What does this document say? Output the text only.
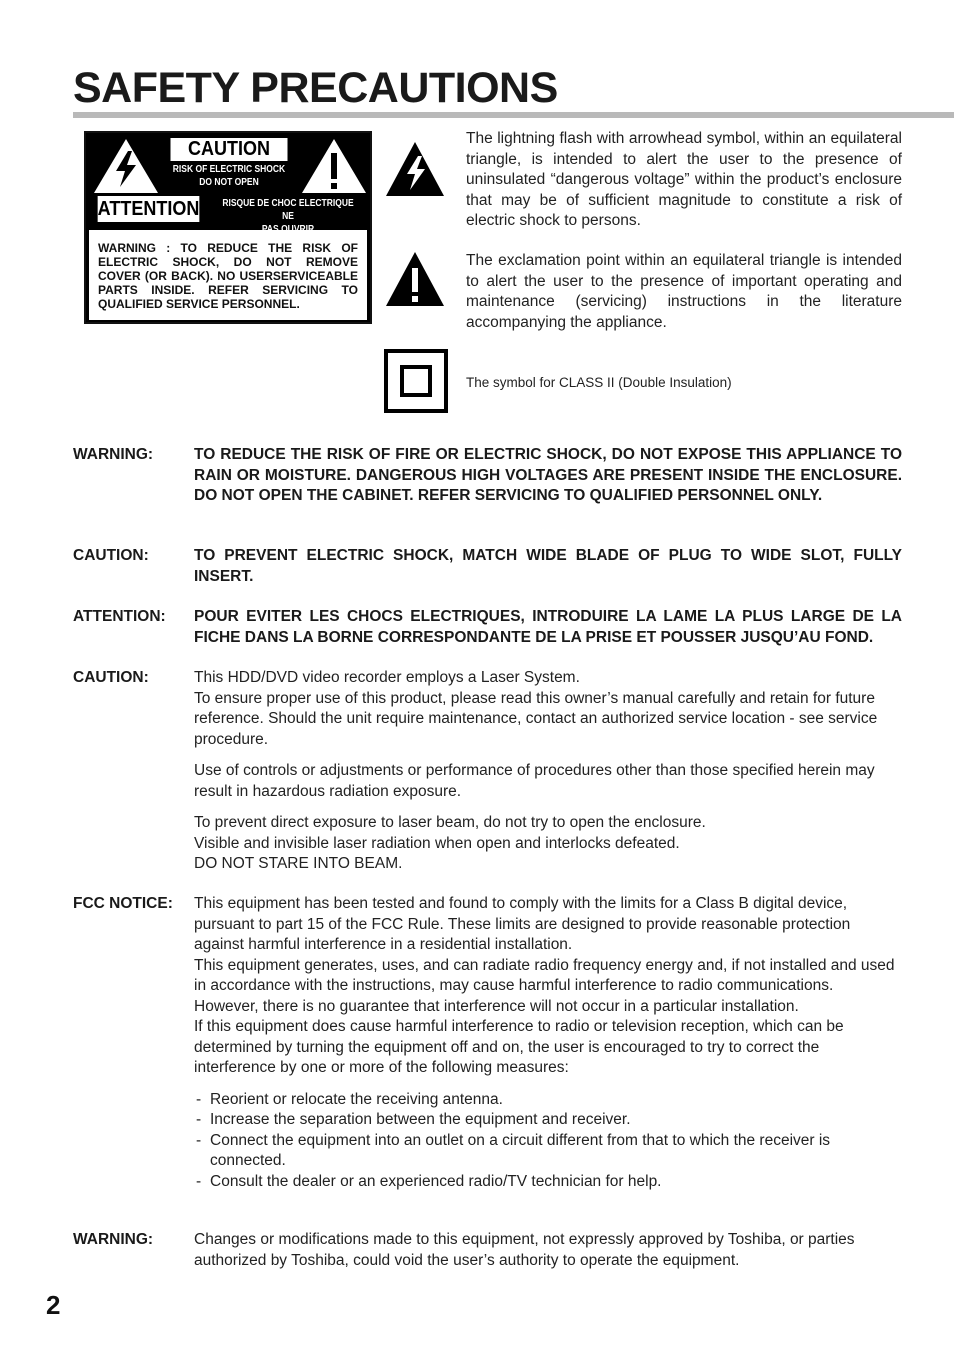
SAFETY PRECAUTIONS
CAUTION
RISK OF ELECTRIC SHOCK
DO NOT OPEN
ATTENTION RISQUE DE CHOC ELECTRIQUE NE
WARNING : TO REDUCE THE RISK OF ELECTRIC SHOCK, DO NOT REMOVE COVER (OR BACK). NO USERSERVICEABLE PARTS INSIDE. REFER SERVICING TO QUALIFIED SERVICE PERSONNEL.
The lightning flash with arrowhead symbol, within an equilateral triangle, is intended to alert the user to the presence of uninsulated “dangerous voltage” within the product’s enclosure that may be of sufficient magnitude to constitute a risk of electric shock to persons.
The exclamation point within an equilateral triangle is intended to alert the user to the presence of important operating and maintenance (servicing) instructions in the literature accompanying the appliance.
The symbol for CLASS II (Double Insulation)
WARNING:	TO REDUCE THE RISK OF FIRE OR ELECTRIC SHOCK, DO NOT EXPOSE THIS APPLIANCE TO RAIN OR MOISTURE. DANGEROUS HIGH VOLTAGES ARE PRESENT INSIDE THE ENCLOSURE. DO NOT OPEN THE CABINET. REFER SERVICING TO QUALIFIED PERSONNEL ONLY.
CAUTION:	TO PREVENT ELECTRIC SHOCK, MATCH WIDE BLADE OF PLUG TO WIDE SLOT, FULLY INSERT.
ATTENTION: POUR EVITER LES CHOCS ELECTRIQUES, INTRODUIRE LA LAME LA PLUS LARGE DE LA FICHE DANS LA BORNE CORRESPONDANTE DE LA PRISE ET POUSSER JUSQU’AU FOND.
CAUTION:	This HDD/DVD video recorder employs a Laser System.

To ensure proper use of this product, please read this owner’s manual carefully and retain for future reference. Should the unit require maintenance, contact an authorized service location - see service procedure.

Use of controls or adjustments or performance of procedures other than those specified herein may result in hazardous radiation exposure.

To prevent direct exposure to laser beam, do not try to open the enclosure.

Visible and invisible laser radiation when open and interlocks defeated.

DO NOT STARE INTO BEAM.

FCC NOTICE: This equipment has been tested and found to comply with the limits for a Class B digital device, pursuant to part 15 of the FCC Rule. These limits are designed to provide reasonable protection against harmful interference in a residential installation.

This equipment generates, uses, and can radiate radio frequency energy and, if not installed and used in accordance with the instructions, may cause harmful interference to radio communications.

However, there is no guarantee that interference will not occur in a particular installation.

If this equipment does cause harmful interference to radio or television reception, which can be determined by turning the equipment off and on, the user is encouraged to try to correct the interference by one or more of the following measures:

- Reorient or relocate the receiving antenna.
- Increase the separation between the equipment and receiver.
- Connect the equipment into an outlet on a circuit different from that to which the receiver is connected.
- Consult the dealer or an experienced radio/TV technician for help.
WARNING:	Changes or modifications made to this equipment, not expressly approved by Toshiba, or parties authorized by Toshiba, could void the user’s authority to operate the equipment.
2
